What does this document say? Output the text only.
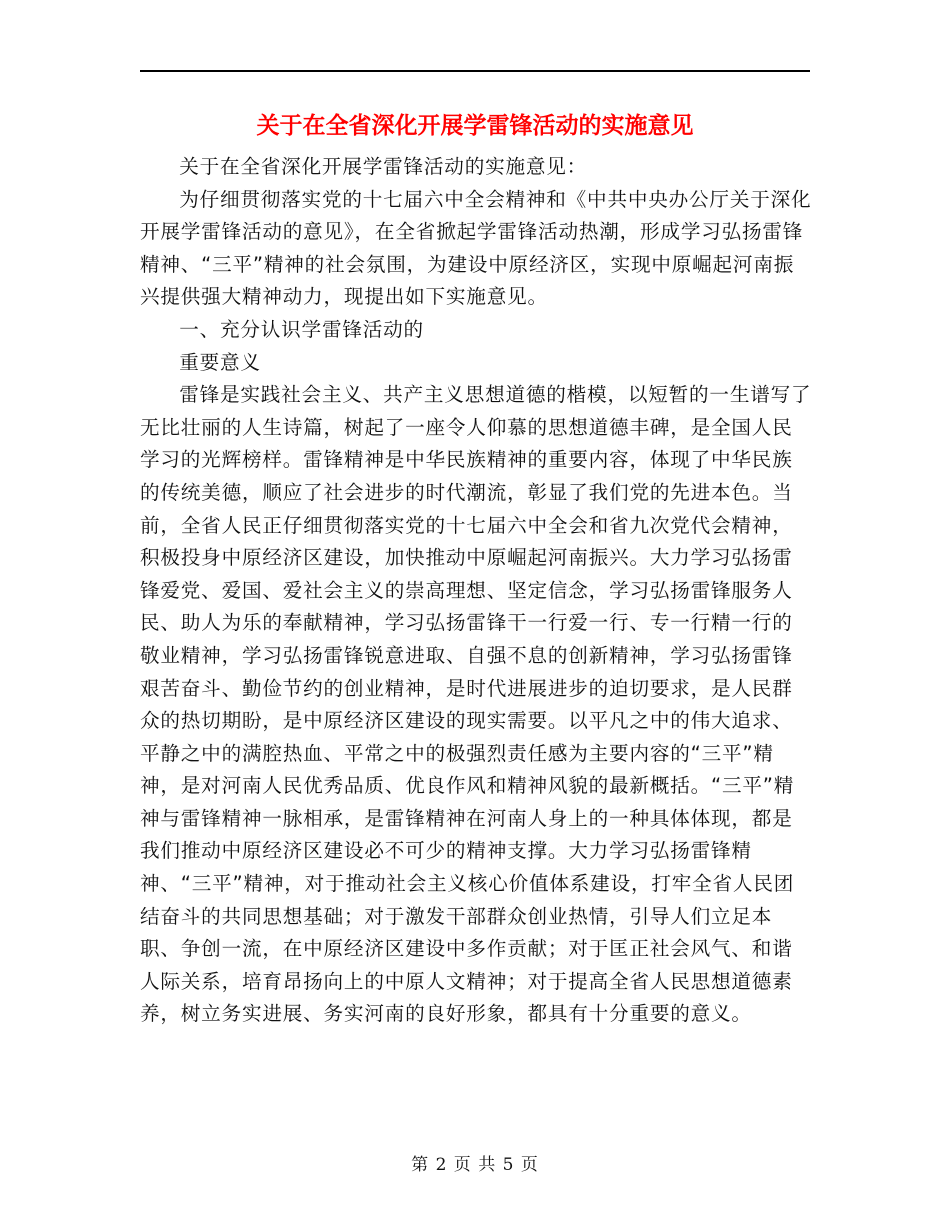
关于在全省深化开展学雷锋活动的实施意见

关于在全省深化开展学雷锋活动的实施意见：

为仔细贯彻落实党的十七届六中全会精神和《中共中央办公厅关于深化开展学雷锋活动的意见》，在全省掀起学雷锋活动热潮，形成学习弘扬雷锋精神、“三平”精神的社会氛围，为建设中原经济区，实现中原崛起河南振兴提供强大精神动力，现提出如下实施意见。

一、充分认识学雷锋活动的

重要意义

雷锋是实践社会主义、共产主义思想道德的楷模，以短暂的一生谱写了无比壮丽的人生诗篇，树起了一座令人仰慕的思想道德丰碑，是全国人民学习的光辉榜样。雷锋精神是中华民族精神的重要内容，体现了中华民族的传统美德，顺应了社会进步的时代潮流，彰显了我们党的先进本色。当前，全省人民正仔细贯彻落实党的十七届六中全会和省九次党代会精神，积极投身中原经济区建设，加快推动中原崛起河南振兴。大力学习弘扬雷锋爱党、爱国、爱社会主义的崇高理想、坚定信念，学习弘扬雷锋服务人民、助人为乐的奉献精神，学习弘扬雷锋干一行爱一行、专一行精一行的敬业精神，学习弘扬雷锋锐意进取、自强不息的创新精神，学习弘扬雷锋艰苦奋斗、勤俭节约的创业精神，是时代进展进步的迫切要求，是人民群众的热切期盼，是中原经济区建设的现实需要。以平凡之中的伟大追求、平静之中的满腔热血、平常之中的极强烈责任感为主要内容的“三平”精神，是对河南人民优秀品质、优良作风和精神风貌的最新概括。“三平”精神与雷锋精神一脉相承，是雷锋精神在河南人身上的一种具体体现，都是我们推动中原经济区建设必不可少的精神支撑。大力学习弘扬雷锋精神、“三平”精神，对于推动社会主义核心价值体系建设，打牢全省人民团结奋斗的共同思想基础；对于激发干部群众创业热情，引导人们立足本职、争创一流，在中原经济区建设中多作贡献；对于匡正社会风气、和谐人际关系，培育昂扬向上的中原人文精神；对于提高全省人民思想道德素养，树立务实进展、务实河南的良好形象，都具有十分重要的意义。

第 2 页 共 5 页
